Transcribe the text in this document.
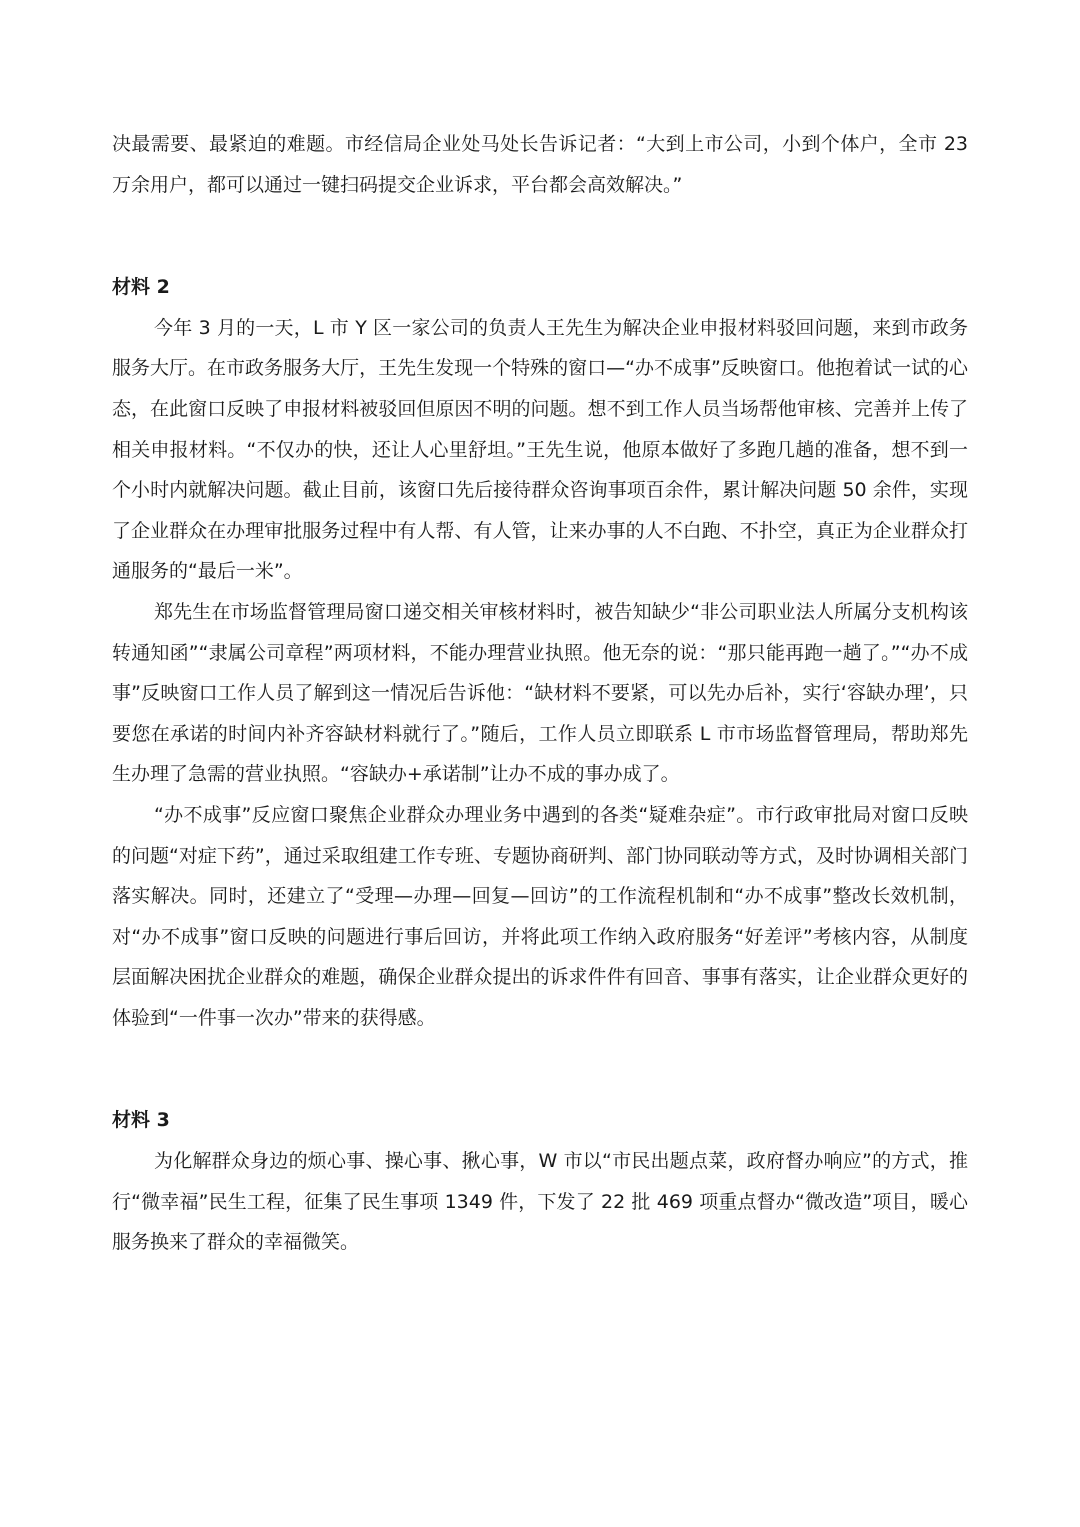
决最需要、最紧迫的难题。市经信局企业处马处长告诉记者：“大到上市公司，小到个体户，全市 23 万余用户，都可以通过一键扫码提交企业诉求，平台都会高效解决。”

材料 2

今年 3 月的一天，L 市 Y 区一家公司的负责人王先生为解决企业申报材料驳回问题，来到市政务服务大厅。在市政务服务大厅，王先生发现一个特殊的窗口—“办不成事”反映窗口。他抱着试一试的心态，在此窗口反映了申报材料被驳回但原因不明的问题。想不到工作人员当场帮他审核、完善并上传了相关申报材料。“不仅办的快，还让人心里舒坦。”王先生说，他原本做好了多跑几趟的准备，想不到一个小时内就解决问题。截止目前，该窗口先后接待群众咨询事项百余件，累计解决问题 50 余件，实现了企业群众在办理审批服务过程中有人帮、有人管，让来办事的人不白跑、不扑空，真正为企业群众打通服务的“最后一米”。

郑先生在市场监督管理局窗口递交相关审核材料时，被告知缺少“非公司职业法人所属分支机构该转通知函”“隶属公司章程”两项材料，不能办理营业执照。他无奈的说：“那只能再跑一趟了。”“办不成事”反映窗口工作人员了解到这一情况后告诉他：“缺材料不要紧，可以先办后补，实行‘容缺办理’，只要您在承诺的时间内补齐容缺材料就行了。”随后，工作人员立即联系 L 市市场监督管理局，帮助郑先生办理了急需的营业执照。“容缺办+承诺制”让办不成的事办成了。

“办不成事”反应窗口聚焦企业群众办理业务中遇到的各类“疑难杂症”。市行政审批局对窗口反映的问题“对症下药”，通过采取组建工作专班、专题协商研判、部门协同联动等方式，及时协调相关部门落实解决。同时，还建立了“受理—办理—回复—回访”的工作流程机制和“办不成事”整改长效机制，对“办不成事”窗口反映的问题进行事后回访，并将此项工作纳入政府服务“好差评”考核内容，从制度层面解决困扰企业群众的难题，确保企业群众提出的诉求件件有回音、事事有落实，让企业群众更好的体验到“一件事一次办”带来的获得感。

材料 3

为化解群众身边的烦心事、操心事、揪心事，W 市以“市民出题点菜，政府督办响应”的方式，推行“微幸福”民生工程，征集了民生事项 1349 件，下发了 22 批 469 项重点督办“微改造”项目，暖心服务换来了群众的幸福微笑。
